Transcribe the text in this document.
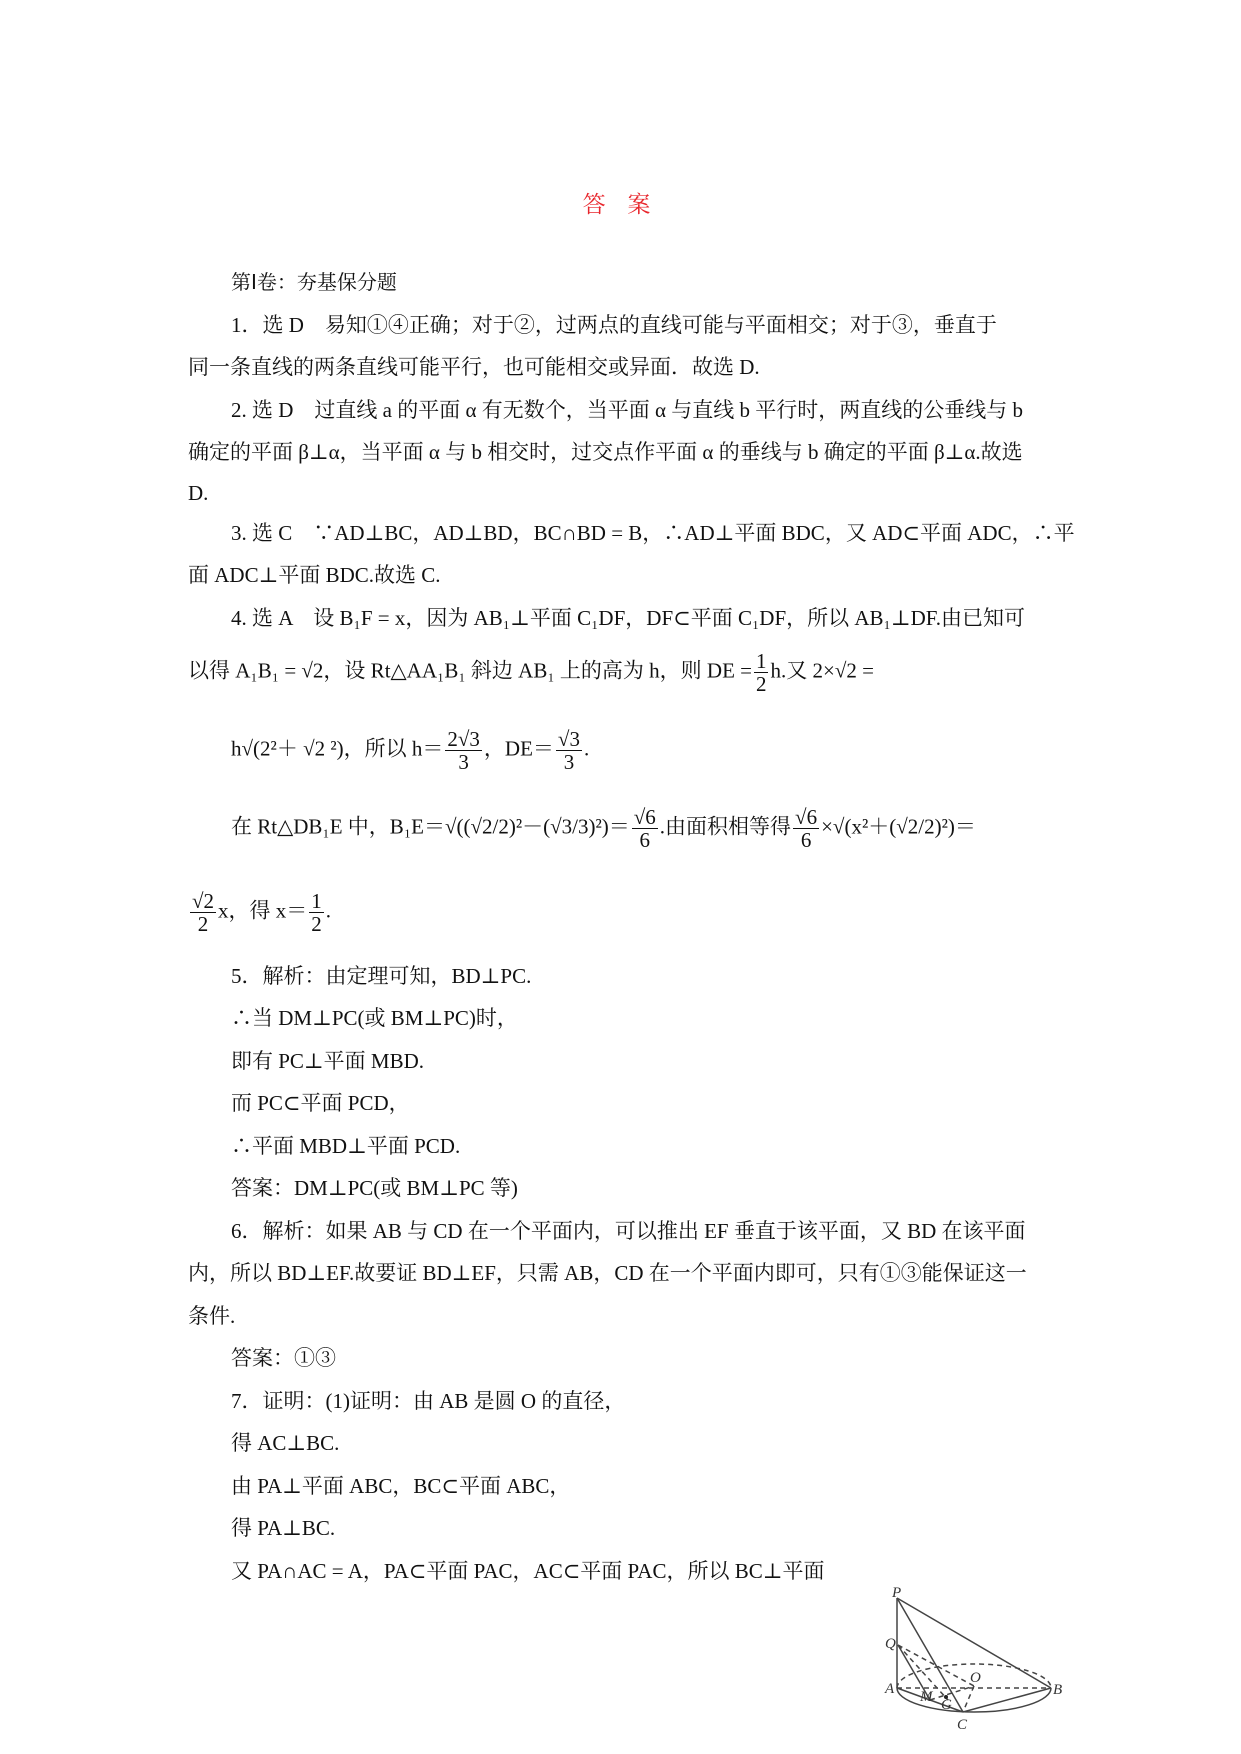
答 案
第Ⅰ卷：夯基保分题
1．选 D　易知①④正确；对于②，过两点的直线可能与平面相交；对于③，垂直于
同一条直线的两条直线可能平行，也可能相交或异面．故选 D.
2. 选 D　过直线 a 的平面 α 有无数个，当平面 α 与直线 b 平行时，两直线的公垂线与 b
确定的平面 β⊥α，当平面 α 与 b 相交时，过交点作平面 α 的垂线与 b 确定的平面 β⊥α.故选
D.
3. 选 C　∵AD⊥BC，AD⊥BD，BC∩BD = B，∴AD⊥平面 BDC，又 AD⊂平面 ADC，∴平
面 ADC⊥平面 BDC.故选 C.
4. 选 A　设 B₁F = x，因为 AB₁⊥平面 C₁DF，DF⊂平面 C₁DF，所以 AB₁⊥DF.由已知可
以得 A₁B₁ = √2，设 Rt△AA₁B₁ 斜边 AB₁ 上的高为 h，则 DE = $\frac{1}{2} h$.又 2×√2 =
h√(2²＋ √2 ²)，所以 $h= \frac{2√3}{3}$ ，$DE= \frac{√3}{3}$ .
在 Rt△DB₁E 中，$B_1E=√((√2/2)^2-(√3/3)^2)= \frac{√6}{6}$ .由面积相等得 $\frac{√6}{6} \times√(x^2+(√2/2)^2)=$
$\frac{√2}{2}$ x，得 $x= \frac{1}{2}$ .
5．解析：由定理可知，BD⊥PC.
∴当 DM⊥PC(或 BM⊥PC)时，
即有 PC⊥平面 MBD.
而 PC⊂平面 PCD，
∴平面 MBD⊥平面 PCD.
答案：DM⊥PC(或 BM⊥PC 等)
6．解析：如果 AB 与 CD 在一个平面内，可以推出 EF 垂直于该平面，又 BD 在该平面
内，所以 BD⊥EF.故要证 BD⊥EF，只需 AB，CD 在一个平面内即可，只有①③能保证这一
条件.
答案：①③
7．证明：(1)证明：由 AB 是圆 O 的直径，
得 AC⊥BC.
由 PA⊥平面 ABC，BC⊂平面 ABC，
得 PA⊥BC.
又 PA∩AC = A，PA⊂平面 PAC，AC⊂平面 PAC，所以 BC⊥平面
P
Q
A
O
B
M G
C
